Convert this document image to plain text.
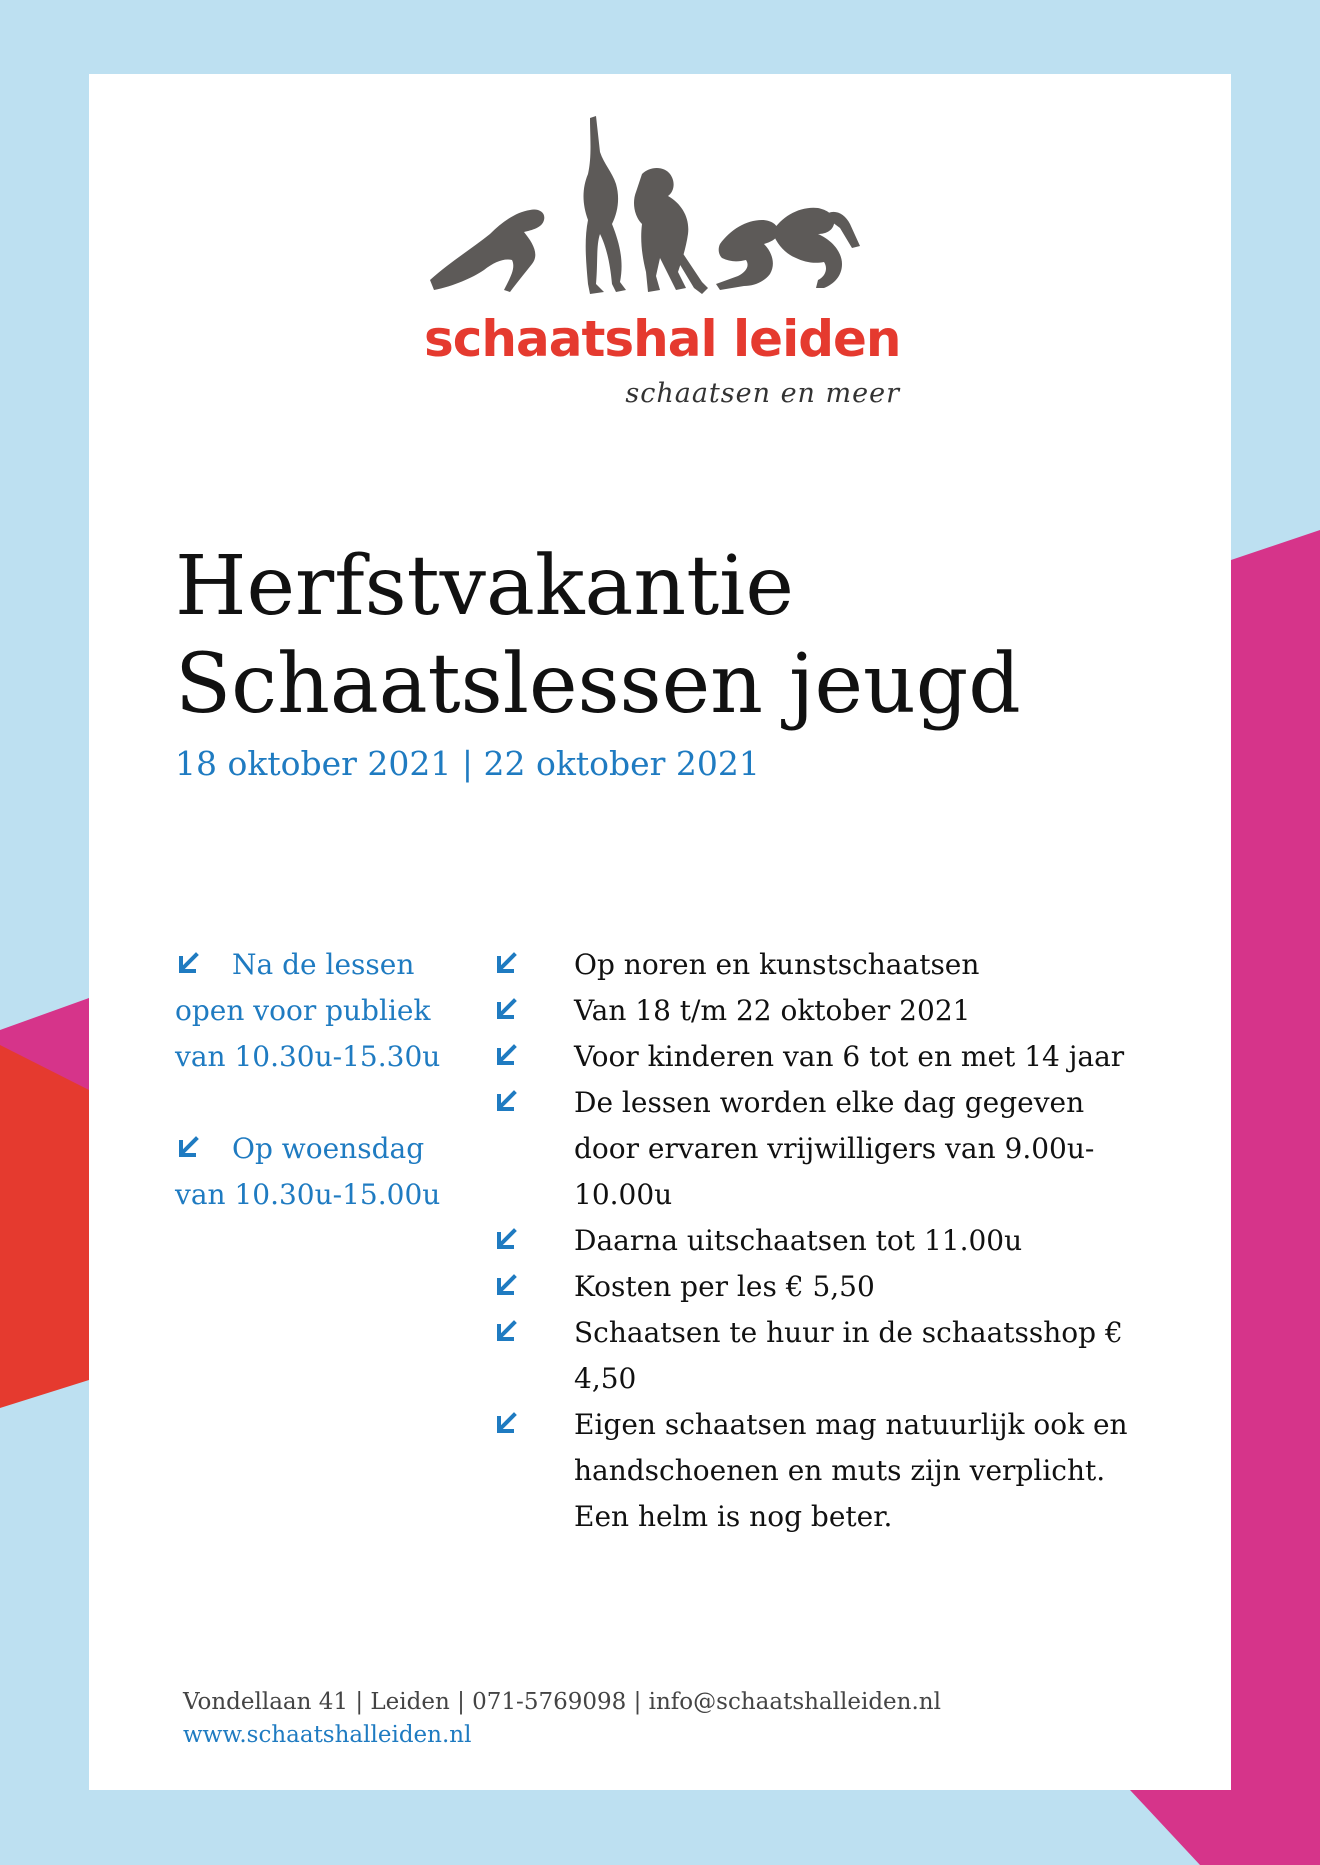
schaatshal leiden
schaatsen en meer
Herfstvakantie
Schaatslessen jeugd
18 oktober 2021 | 22 oktober 2021
Na de lessen
open voor publiek
van 10.30u-15.30u
Op woensdag
van 10.30u-15.00u
Op noren en kunstschaatsen
Van 18 t/m 22 oktober 2021
Voor kinderen van 6 tot en met 14 jaar
De lessen worden elke dag gegeven door ervaren vrijwilligers van 9.00u-10.00u
Daarna uitschaatsen tot 11.00u
Kosten per les € 5,50
Schaatsen te huur in de schaatsshop € 4,50
Eigen schaatsen mag natuurlijk ook en handschoenen en muts zijn verplicht. Een helm is nog beter.
Vondellaan 41 | Leiden | 071-5769098 | info@schaatshalleiden.nl
www.schaatshalleiden.nl
